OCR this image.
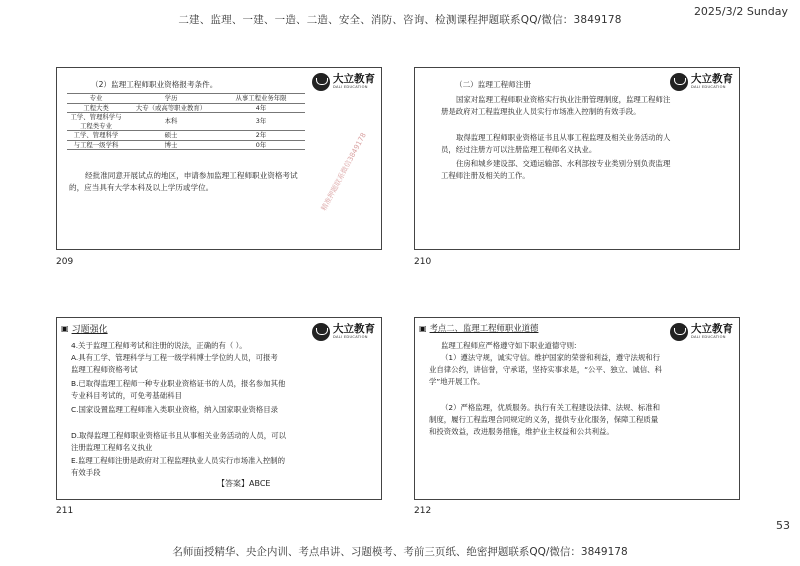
2025/3/2 Sunday
二建、监理、一建、一造、二造、安全、消防、咨询、检测课程押题联系QQ/微信：3849178
大立教育
DALI EDUCATION
（2）监理工程师职业资格报考条件。
专业	学历	从事工程业务年限
工程大类	大专（或高等职业教育）	4年
工学、管理科学与工程类专业	本科	3年
工学、管理科学	硕士	2年
与工程一级学科	博士	0年
经批准同意开展试点的地区，申请参加监理工程师职业资格考试的，应当具有大学本科及以上学历或学位。	精准押题联系微信3849178
209
大立教育
DALI EDUCATION
（二）监理工程师注册
国家对监理工程师职业资格实行执业注册管理制度，监理工程师注册是政府对工程监理执业人员实行市场准入控制的有效手段。
取得监理工程师职业资格证书且从事工程监理及相关业务活动的人员，经过注册方可以注册监理工程师名义执业。
住房和城乡建设部、交通运输部、水利部按专业类别分别负责监理工程师注册及相关的工作。
210
大立教育
DALI EDUCATION
▣ 习题强化
4.关于监理工程师考试和注册的说法，正确的有（ ）。
A.具有工学、管理科学与工程一级学科博士学位的人员，可报考监理工程师资格考试
B.已取得监理工程师一种专业职业资格证书的人员，报名参加其他专业科目考试的，可免考基础科目
C.国家设置监理工程师准入类职业资格，纳入国家职业资格目录
D.取得监理工程师职业资格证书且从事相关业务活动的人员，可以注册监理工程师名义执业
E.监理工程师注册是政府对工程监理执业人员实行市场准入控制的有效手段
【答案】ABCE
211
大立教育
DALI EDUCATION
▣ 考点二、监理工程师职业道德
监理工程师应严格遵守如下职业道德守则:
（1）遵法守规，诚实守信。维护国家的荣誉和利益，遵守法规和行业自律公约，讲信誉，守承诺，坚持实事求是，“公平、独立、诚信、科学”地开展工作。
（2）严格监理，优质服务。执行有关工程建设法律、法规、标准和制度，履行工程监理合同规定的义务，提供专业化服务，保障工程质量和投资效益，改进服务措施，维护业主权益和公共利益。
212
53
名师面授精华、央企内训、考点串讲、习题模考、考前三页纸、绝密押题联系QQ/微信：3849178
